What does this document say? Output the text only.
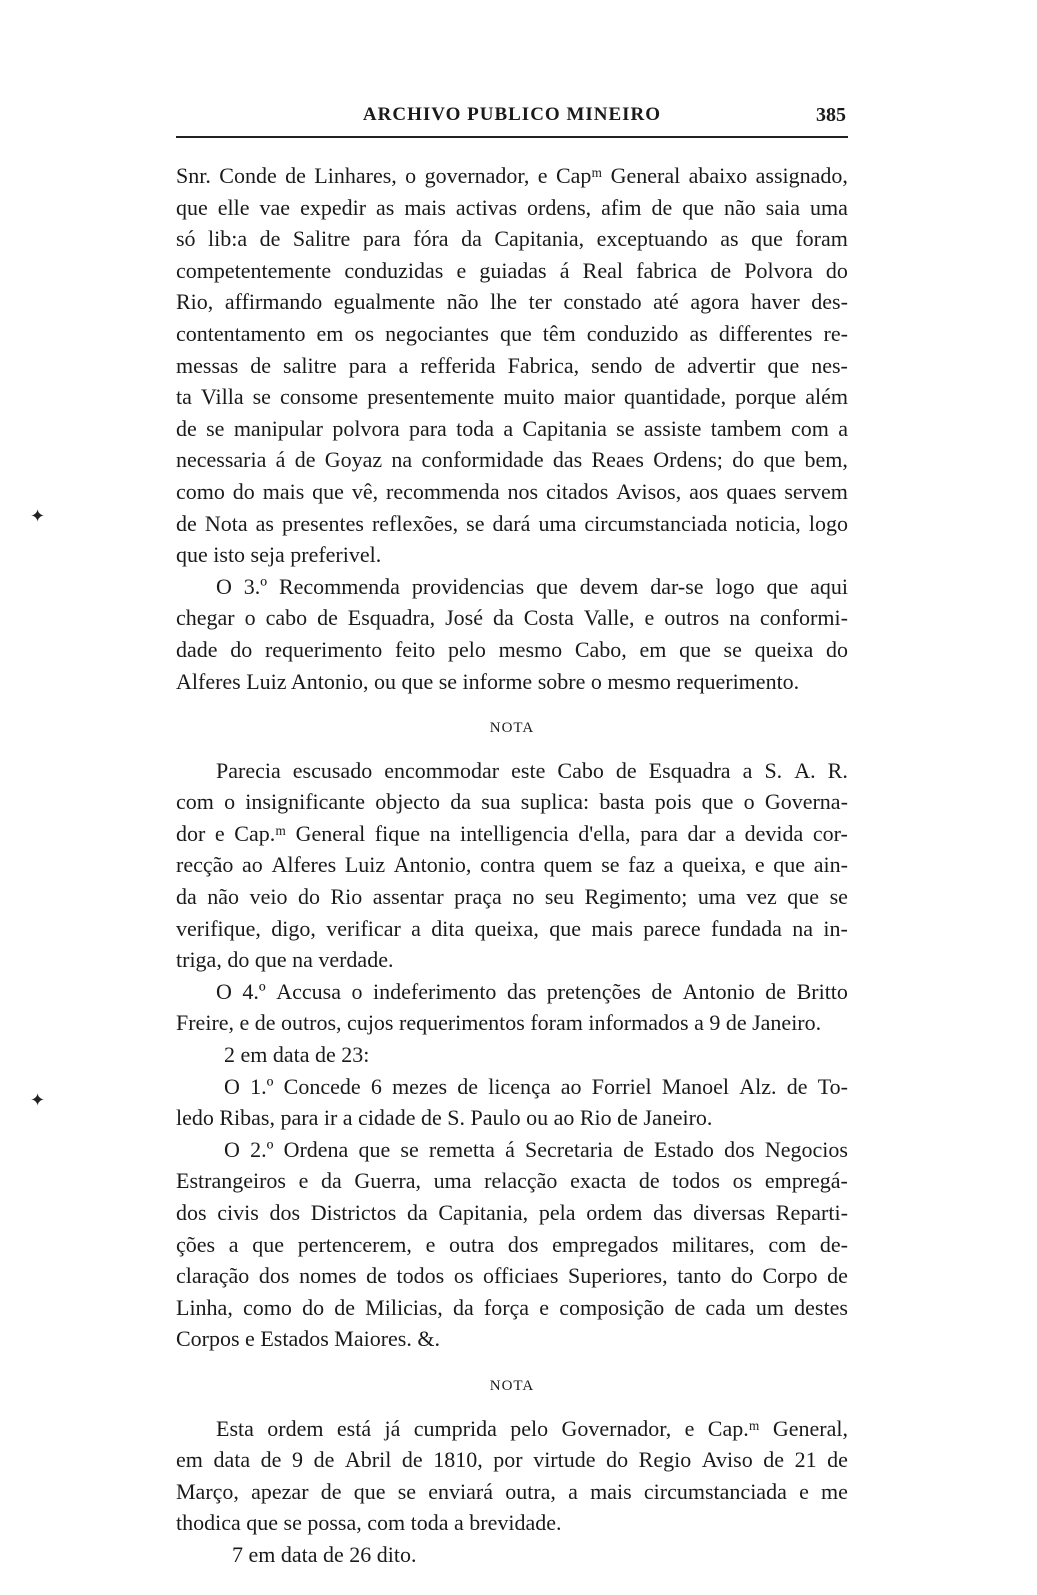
ARCHIVO PUBLICO MINEIRO	385
Snr. Conde de Linhares, o governador, e Capᵐ General abaixo assignado,
que elle vae expedir as mais activas ordens, afim de que não saia uma
só lib:a de Salitre para fóra da Capitania, exceptuando as que foram
competentemente conduzidas e guiadas á Real fabrica de Polvora do
Rio, affirmando egualmente não lhe ter constado até agora haver des-
contentamento em os negociantes que têm conduzido as differentes re-
messas de salitre para a refferida Fabrica, sendo de advertir que nes-
ta Villa se consome presentemente muito maior quantidade, porque além
de se manipular polvora para toda a Capitania se assiste tambem com a
necessaria á de Goyaz na conformidade das Reaes Ordens; do que bem,
como do mais que vê, recommenda nos citados Avisos, aos quaes servem
de Nota as presentes reflexões, se dará uma circumstanciada noticia, logo
que isto seja preferivel.
O 3.º Recommenda providencias que devem dar-se logo que aqui
chegar o cabo de Esquadra, José da Costa Valle, e outros na conformi-
dade do requerimento feito pelo mesmo Cabo, em que se queixa do
Alferes Luiz Antonio, ou que se informe sobre o mesmo requerimento.
NOTA
Parecia escusado encommodar este Cabo de Esquadra a S. A. R.
com o insignificante objecto da sua suplica: basta pois que o Governa-
dor e Cap.ᵐ General fique na intelligencia d'ella, para dar a devida cor-
recção ao Alferes Luiz Antonio, contra quem se faz a queixa, e que ain-
da não veio do Rio assentar praça no seu Regimento; uma vez que se
verifique, digo, verificar a dita queixa, que mais parece fundada na in-
triga, do que na verdade.
O 4.º Accusa o indeferimento das pretenções de Antonio de Britto
Freire, e de outros, cujos requerimentos foram informados a 9 de Janeiro.
2 em data de 23:
O 1.º Concede 6 mezes de licença ao Forriel Manoel Alz. de To-
ledo Ribas, para ir a cidade de S. Paulo ou ao Rio de Janeiro.
O 2.º Ordena que se remetta á Secretaria de Estado dos Negocios
Estrangeiros e da Guerra, uma relacção exacta de todos os empregá-
dos civis dos Districtos da Capitania, pela ordem das diversas Reparti-
ções a que pertencerem, e outra dos empregados militares, com de-
claração dos nomes de todos os officiaes Superiores, tanto do Corpo de
Linha, como do de Milicias, da força e composição de cada um destes
Corpos e Estados Maiores. &.
NOTA
Esta ordem está já cumprida pelo Governador, e Cap.ᵐ General,
em data de 9 de Abril de 1810, por virtude do Regio Aviso de 21 de
Março, apezar de que se enviará outra, a mais circumstanciada e me
thodica que se possa, com toda a brevidade.
7 em data de 26 dito.
✦
✦
